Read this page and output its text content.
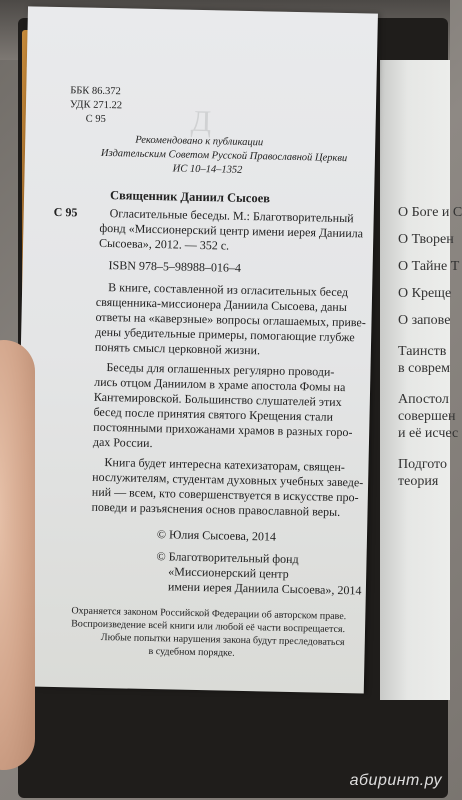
О Боге и С
О Творен
О Тайне Т
О Креще
О запове
Таинств
в соврем
Апостол
совершен
и её исчес
Подгото
теория
Д
ББК 86.372
УДК 271.22
С 95
Рекомендовано к публикации
Издательским Советом Русской Православной Церкви
ИС 10–14–1352
Священник Даниил Сысоев
С 95	Огласительные беседы. М.: Благотворительный
фонд «Миссионерский центр имени иерея Даниила
Сысоева», 2012. — 352 с.
ISBN 978–5–98988–016–4
В книге, составленной из огласительных бесед
священника-миссионера Даниила Сысоева, даны
ответы на «каверзные» вопросы оглашаемых, приве-
дены убедительные примеры, помогающие глубже
понять смысл церковной жизни.
Беседы для оглашенных регулярно проводи-
лись отцом Даниилом в храме апостола Фомы на
Кантемировской. Большинство слушателей этих
бесед после принятия святого Крещения стали
постоянными прихожанами храмов в разных горо-
дах России.
Книга будет интересна катехизаторам, священ-
нослужителям, студентам духовных учебных заведе-
ний — всем, кто совершенствуется в искусстве про-
поведи и разъяснения основ православной веры.
© Юлия Сысоева, 2014
© Благотворительный фонд
«Миссионерский центр
имени иерея Даниила Сысоева», 2014
Охраняется законом Российской Федерации об авторском праве.
Воспроизведение всей книги или любой её части воспрещается.
Любые попытки нарушения закона будут преследоваться
в судебном порядке.
абиринт.ру
